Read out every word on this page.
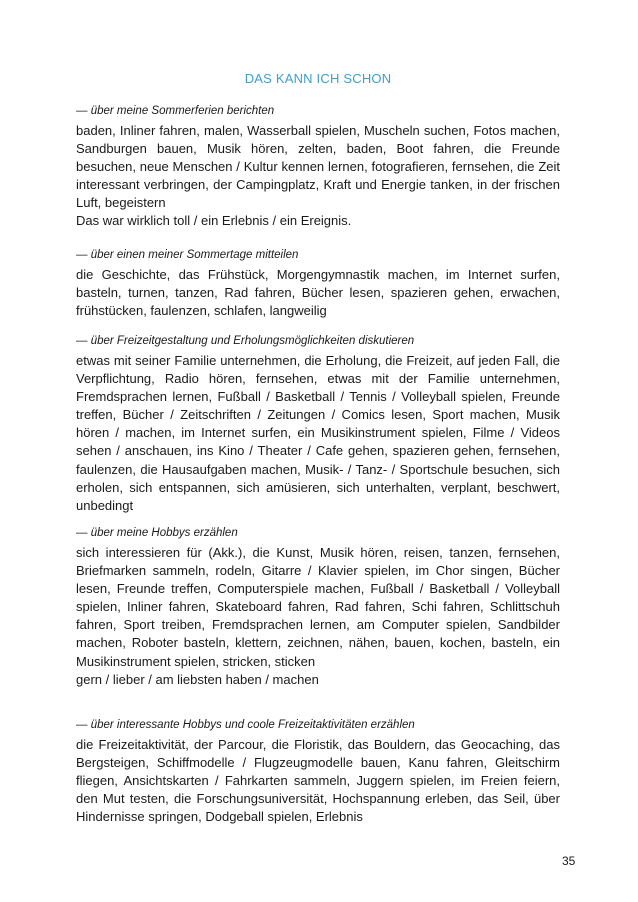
DAS KANN ICH SCHON

— über meine Sommerferien berichten

baden, Inliner fahren, malen, Wasserball spielen, Muscheln suchen, Fotos machen, Sandburgen bauen, Musik hören, zelten, baden, Boot fahren, die Freunde besuchen, neue Menschen / Kultur kennen lernen, fotografieren, fernsehen, die Zeit interessant verbringen, der Campingplatz, Kraft und Energie tanken, in der frischen Luft, begeistern

Das war wirklich toll / ein Erlebnis / ein Ereignis.

— über einen meiner Sommertage mitteilen

die Geschichte, das Frühstück, Morgengymnastik machen, im Internet surfen, basteln, turnen, tanzen, Rad fahren, Bücher lesen, spazieren gehen, erwachen, frühstücken, faulenzen, schlafen, langweilig

— über Freizeitgestaltung und Erholungsmöglichkeiten diskutieren

etwas mit seiner Familie unternehmen, die Erholung, die Freizeit, auf jeden Fall, die Verpflichtung, Radio hören, fernsehen, etwas mit der Familie unternehmen, Fremdsprachen lernen, Fußball / Basketball / Tennis / Volleyball spielen, Freunde treffen, Bücher / Zeitschriften / Zeitungen / Comics lesen, Sport machen, Musik hören / machen, im Internet surfen, ein Musikinstrument spielen, Filme / Videos sehen / anschauen, ins Kino / Theater / Cafe gehen, spazieren gehen, fernsehen, faulenzen, die Hausaufgaben machen, Musik- / Tanz- / Sportschule besuchen, sich erholen, sich entspannen, sich amüsieren, sich unterhalten, verplant, beschwert, unbedingt

— über meine Hobbys erzählen

sich interessieren für (Akk.), die Kunst, Musik hören, reisen, tanzen, fernsehen, Briefmarken sammeln, rodeln, Gitarre / Klavier spielen, im Chor singen, Bücher lesen, Freunde treffen, Computerspiele machen, Fußball / Basketball / Volleyball spielen, Inliner fahren, Skateboard fahren, Rad fahren, Schi fahren, Schlittschuh fahren, Sport treiben, Fremdsprachen lernen, am Computer spielen, Sandbilder machen, Roboter basteln, klettern, zeichnen, nähen, bauen, kochen, basteln, ein Musikinstrument spielen, stricken, sticken

gern / lieber / am liebsten haben / machen

— über interessante Hobbys und coole Freizeitaktivitäten erzählen

die Freizeitaktivität, der Parcour, die Floristik, das Bouldern, das Geocaching, das Bergsteigen, Schiffmodelle / Flugzeugmodelle bauen, Kanu fahren, Gleitschirm fliegen, Ansichtskarten / Fahrkarten sammeln, Juggern spielen, im Freien feiern, den Mut testen, die Forschungsuniversität, Hochspannung erleben, das Seil, über Hindernisse springen, Dodgeball spielen, Erlebnis

35
